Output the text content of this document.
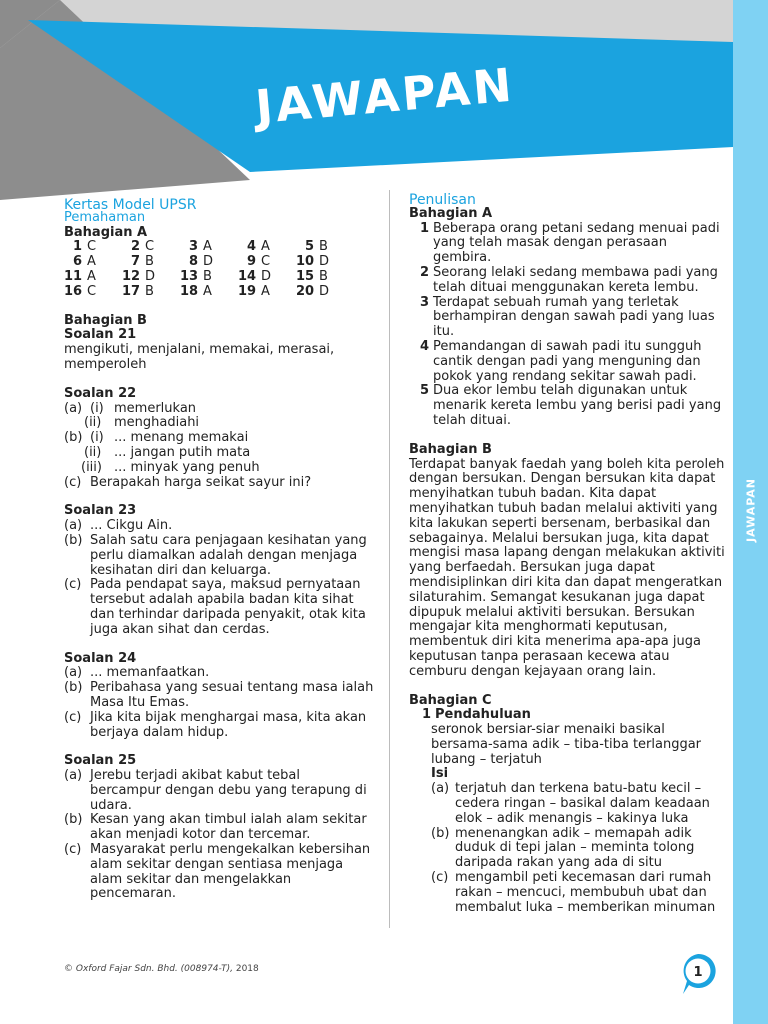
JAWAPAN
JAWAPAN
Kertas Model UPSR
Pemahaman
Bahagian A
1 C	2 C	3 A	4 A	5 B
6 A	7 B	8 D	9 C 10 D
11 A 12 D 13 B 14 D 15 B
16 C 17 B 18 A 19 A 20 D
Bahagian B
Soalan 21
mengikuti, menjalani, memakai, merasai, memperoleh
Soalan 22
(a) (i) memerlukan
(ii) menghadiahi
(b) (i) ... menang memakai
(ii) ... jangan putih mata
(iii) ... minyak yang penuh
(c) Berapakah harga seikat sayur ini?
Soalan 23
(a) ... Cikgu Ain.
(b) Salah satu cara penjagaan kesihatan yang perlu diamalkan adalah dengan menjaga kesihatan diri dan keluarga.
(c) Pada pendapat saya, maksud pernyataan tersebut adalah apabila badan kita sihat dan terhindar daripada penyakit, otak kita juga akan sihat dan cerdas.
Soalan 24
(a) ... memanfaatkan.
(b) Peribahasa yang sesuai tentang masa ialah Masa Itu Emas.
(c) Jika kita bijak menghargai masa, kita akan berjaya dalam hidup.
Soalan 25
(a) Jerebu terjadi akibat kabut tebal bercampur dengan debu yang terapung di udara.
(b) Kesan yang akan timbul ialah alam sekitar akan menjadi kotor dan tercemar.
(c) Masyarakat perlu mengekalkan kebersihan alam sekitar dengan sentiasa menjaga alam sekitar dan mengelakkan pencemaran.
Penulisan
Bahagian A
1 Beberapa orang petani sedang menuai padi yang telah masak dengan perasaan gembira.
2 Seorang lelaki sedang membawa padi yang telah dituai menggunakan kereta lembu.
3 Terdapat sebuah rumah yang terletak berhampiran dengan sawah padi yang luas itu.
4 Pemandangan di sawah padi itu sungguh cantik dengan padi yang menguning dan pokok yang rendang sekitar sawah padi.
5 Dua ekor lembu telah digunakan untuk menarik kereta lembu yang berisi padi yang telah dituai.
Bahagian B
Terdapat banyak faedah yang boleh kita peroleh dengan bersukan. Dengan bersukan kita dapat menyihatkan tubuh badan. Kita dapat menyihatkan tubuh badan melalui aktiviti yang kita lakukan seperti bersenam, berbasikal dan sebagainya. Melalui bersukan juga, kita dapat mengisi masa lapang dengan melakukan aktiviti yang berfaedah. Bersukan juga dapat mendisiplinkan diri kita dan dapat mengeratkan silaturahim. Semangat kesukanan juga dapat dipupuk melalui aktiviti bersukan. Bersukan mengajar kita menghormati keputusan, membentuk diri kita menerima apa-apa juga keputusan tanpa perasaan kecewa atau cemburu dengan kejayaan orang lain.
Bahagian C
1 Pendahuluan
seronok bersiar-siar menaiki basikal bersama-sama adik – tiba-tiba terlanggar lubang – terjatuh
Isi
(a) terjatuh dan terkena batu-batu kecil – cedera ringan – basikal dalam keadaan elok – adik menangis – kakinya luka
(b) menenangkan adik – memapah adik duduk di tepi jalan – meminta tolong daripada rakan yang ada di situ
(c) mengambil peti kecemasan dari rumah rakan – mencuci, membubuh ubat dan membalut luka – memberikan minuman
© Oxford Fajar Sdn. Bhd. (008974-T), 2018	1
